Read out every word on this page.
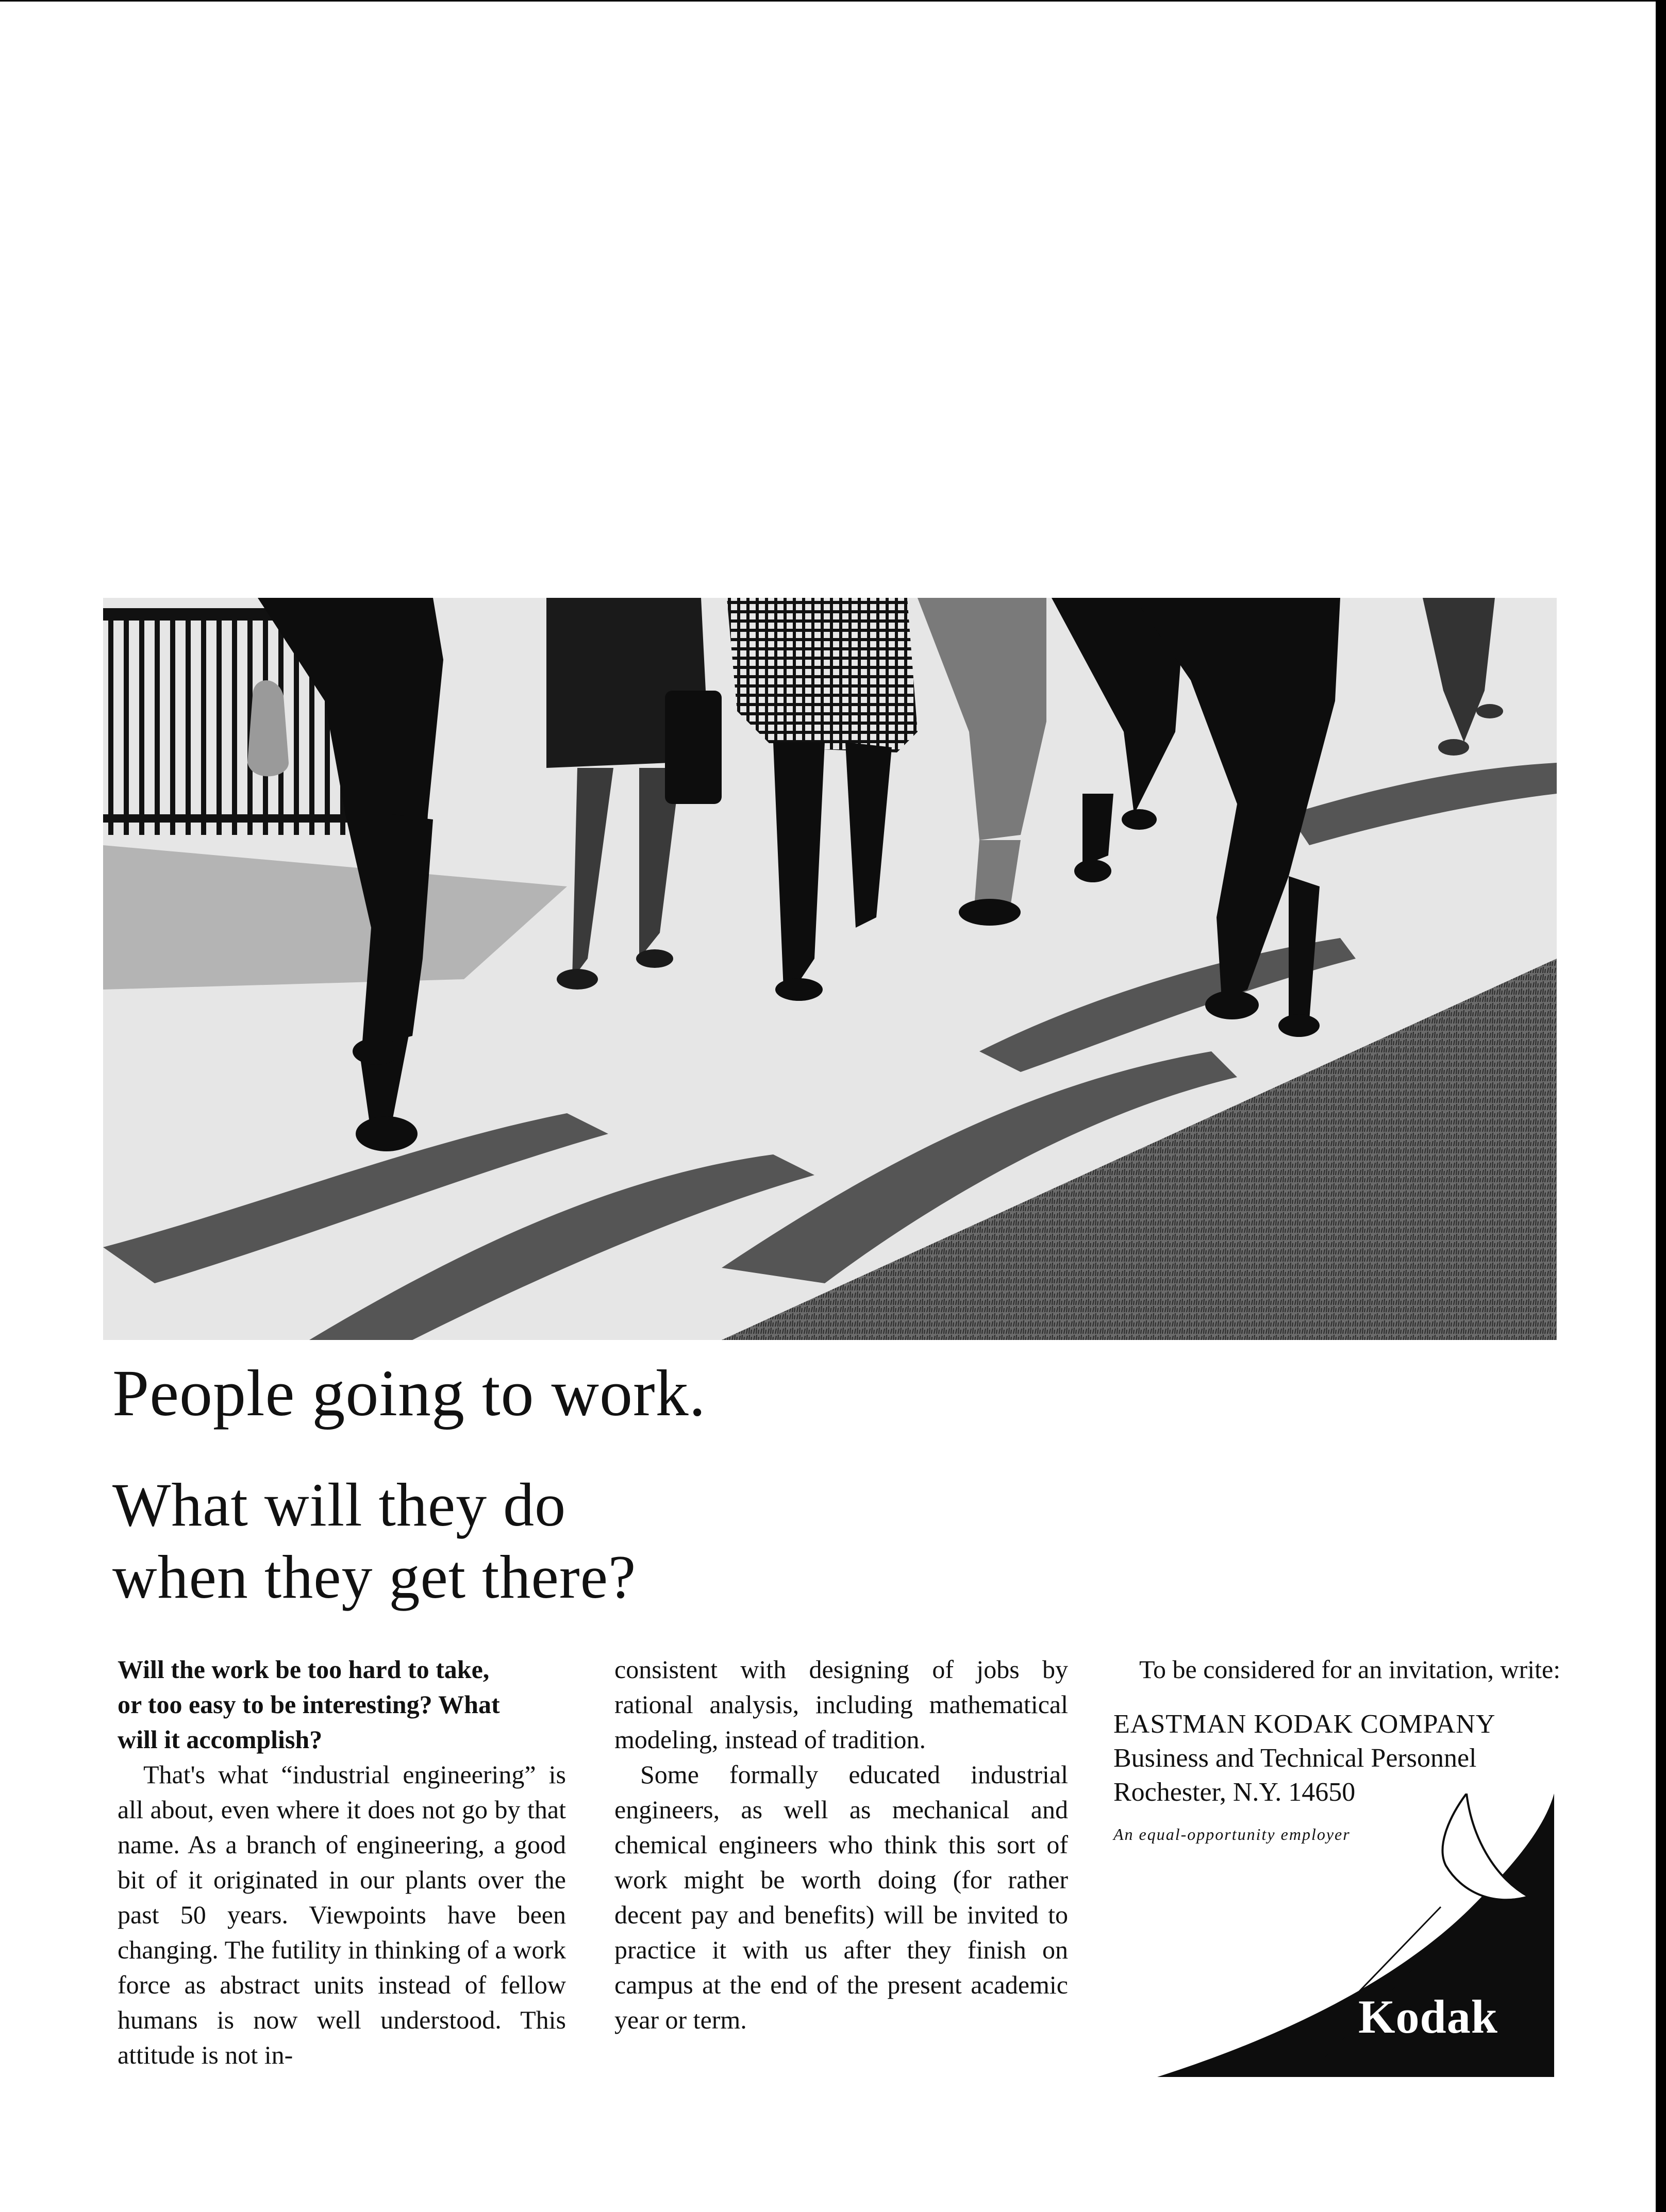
People going to work.
What will they do
when they get there?

Will the work be too hard to take,
or too easy to be interesting? What
will it accomplish?

That's what “industrial engineering” is all about, even where it does not go by that name. As a branch of engineering, a good bit of it originated in our plants over the past 50 years. Viewpoints have been changing. The futility in thinking of a work force as abstract units instead of fellow humans is now well understood. This attitude is not in-

consistent with designing of jobs by rational analysis, including mathematical modeling, instead of tradition.

Some formally educated industrial engineers, as well as mechanical and chemical engineers who think this sort of work might be worth doing (for rather decent pay and benefits) will be invited to practice it with us after they finish on campus at the end of the present academic year or term.

To be considered for an invitation, write:

EASTMAN KODAK COMPANY
Business and Technical Personnel
Rochester, N.Y. 14650
An equal-opportunity employer
Kodak
